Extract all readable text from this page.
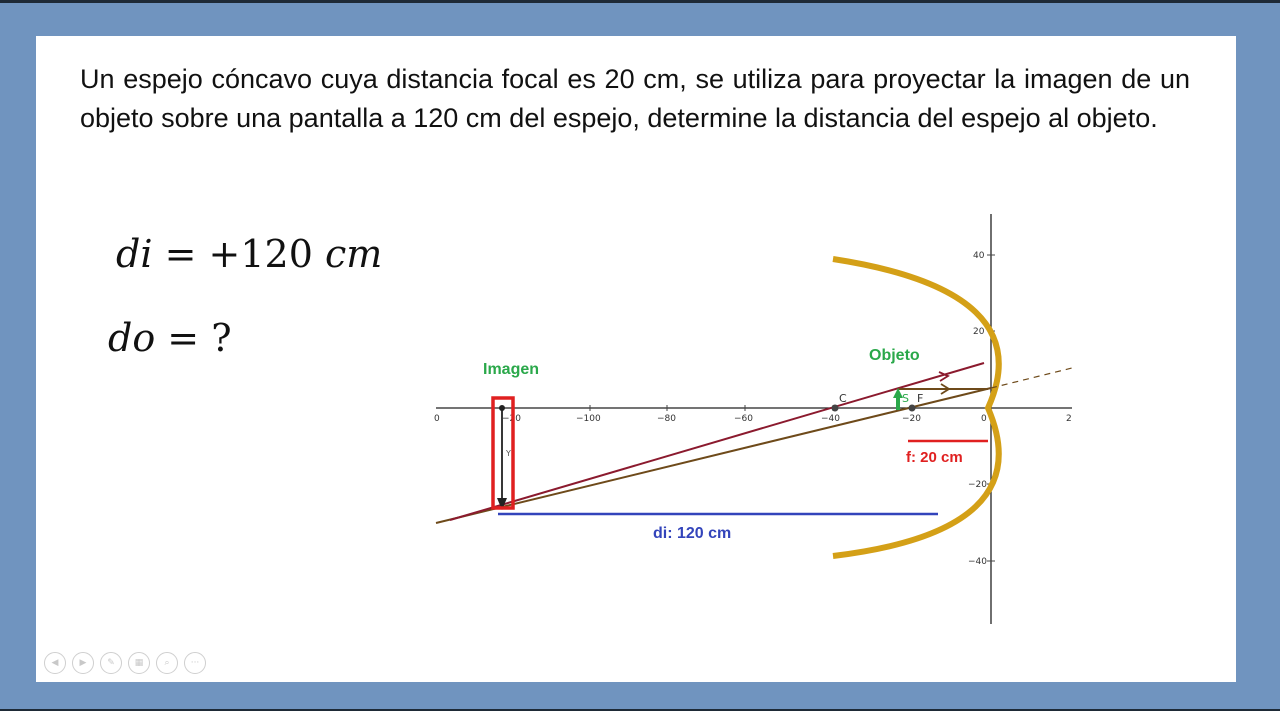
Un espejo cóncavo cuya distancia focal es 20 cm, se utiliza para proyectar la imagen de un objeto sobre una pantalla a 120 cm del espejo, determine la distancia del espejo al objeto.

di = +120 cm
do = ?
0	−20	−100	−80	−60	−40	−20	0	2
40
20
−20
−40
C	S F
Y	f: 20 cm
di: 120 cm
Imagen
Objeto
◀	▶	✎	▦	⌕	···
